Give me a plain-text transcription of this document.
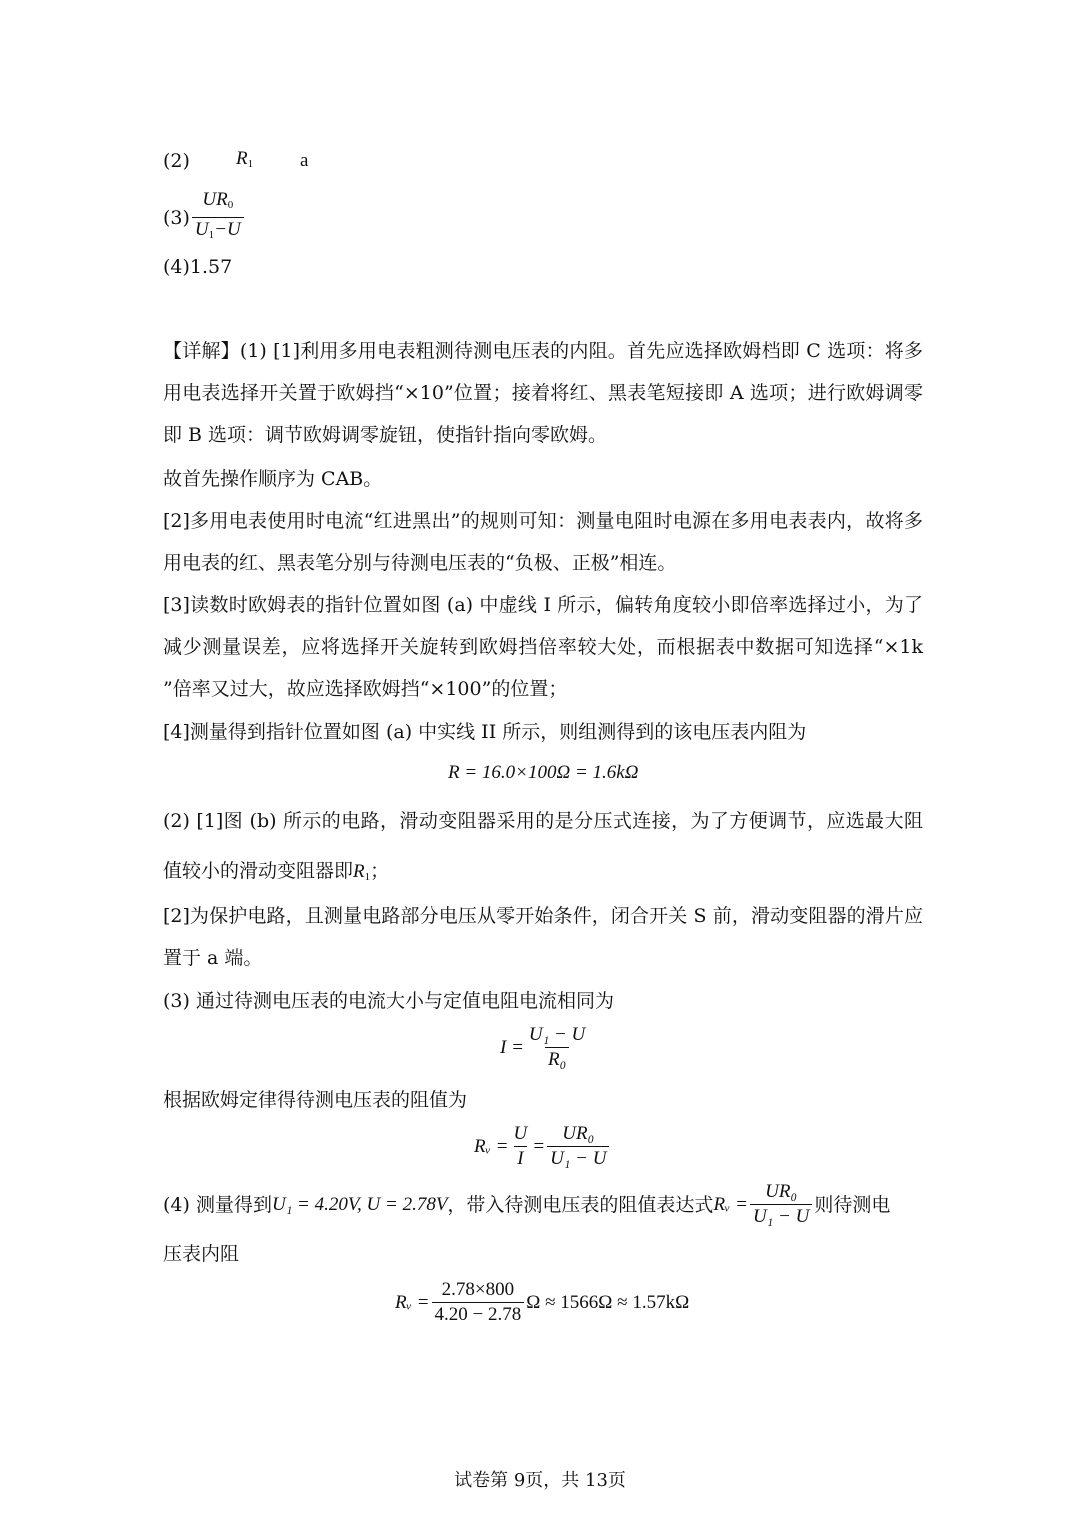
(2) $R_1$ a
$(3) \frac{UR_0}{U_1-U}$
(4)1.57
【详解】(1) [1]利用多用电表粗测待测电压表的内阻。首先应选择欧姆档即 C 选项：将多用电表选择开关置于欧姆挡“×10”位置；接着将红、黑表笔短接即 A 选项；进行欧姆调零即 B 选项：调节欧姆调零旋钮，使指针指向零欧姆。
故首先操作顺序为 CAB。
[2]多用电表使用时电流“红进黑出”的规则可知：测量电阻时电源在多用电表表内，故将多用电表的红、黑表笔分别与待测电压表的“负极、正极”相连。
[3]读数时欧姆表的指针位置如图 (a) 中虚线 I 所示，偏转角度较小即倍率选择过小，为了减少测量误差，应将选择开关旋转到欧姆挡倍率较大处，而根据表中数据可知选择“×1k ”倍率又过大，故应选择欧姆挡“×100”的位置；
[4]测量得到指针位置如图 (a) 中实线 II 所示，则组测得到的该电压表内阻为
R = 16.0×100Ω = 1.6kΩ
(2) [1]图 (b) 所示的电路，滑动变阻器采用的是分压式连接，为了方便调节，应选最大阻值较小的滑动变阻器即$R_1$；
[2]为保护电路，且测量电路部分电压从零开始条件，闭合开关 S 前，滑动变阻器的滑片应置于 a 端。
(3) 通过待测电压表的电流大小与定值电阻电流相同为
$I = \frac{\text{U₁ − U}}{\text{R₀}}$
根据欧姆定律得待测电压表的阻值为
Rᵥ = $\frac{U}{I} = \frac{\text{UR₀}}{\text{U₁ − U}}$
(4) 测量得到 U₁ = 4.20V, U = 2.78V ，带入待测电压表的阻值表达式 Rᵥ = $\frac{\text{UR₀}}{\text{U₁ − U}}$ 则待测电
压表内阻
Rᵥ = $\frac{2.78\times 800}{4.20 - 2.78}$ Ω ≈ 1566Ω ≈ 1.57kΩ
试卷第 9页，共 13页
